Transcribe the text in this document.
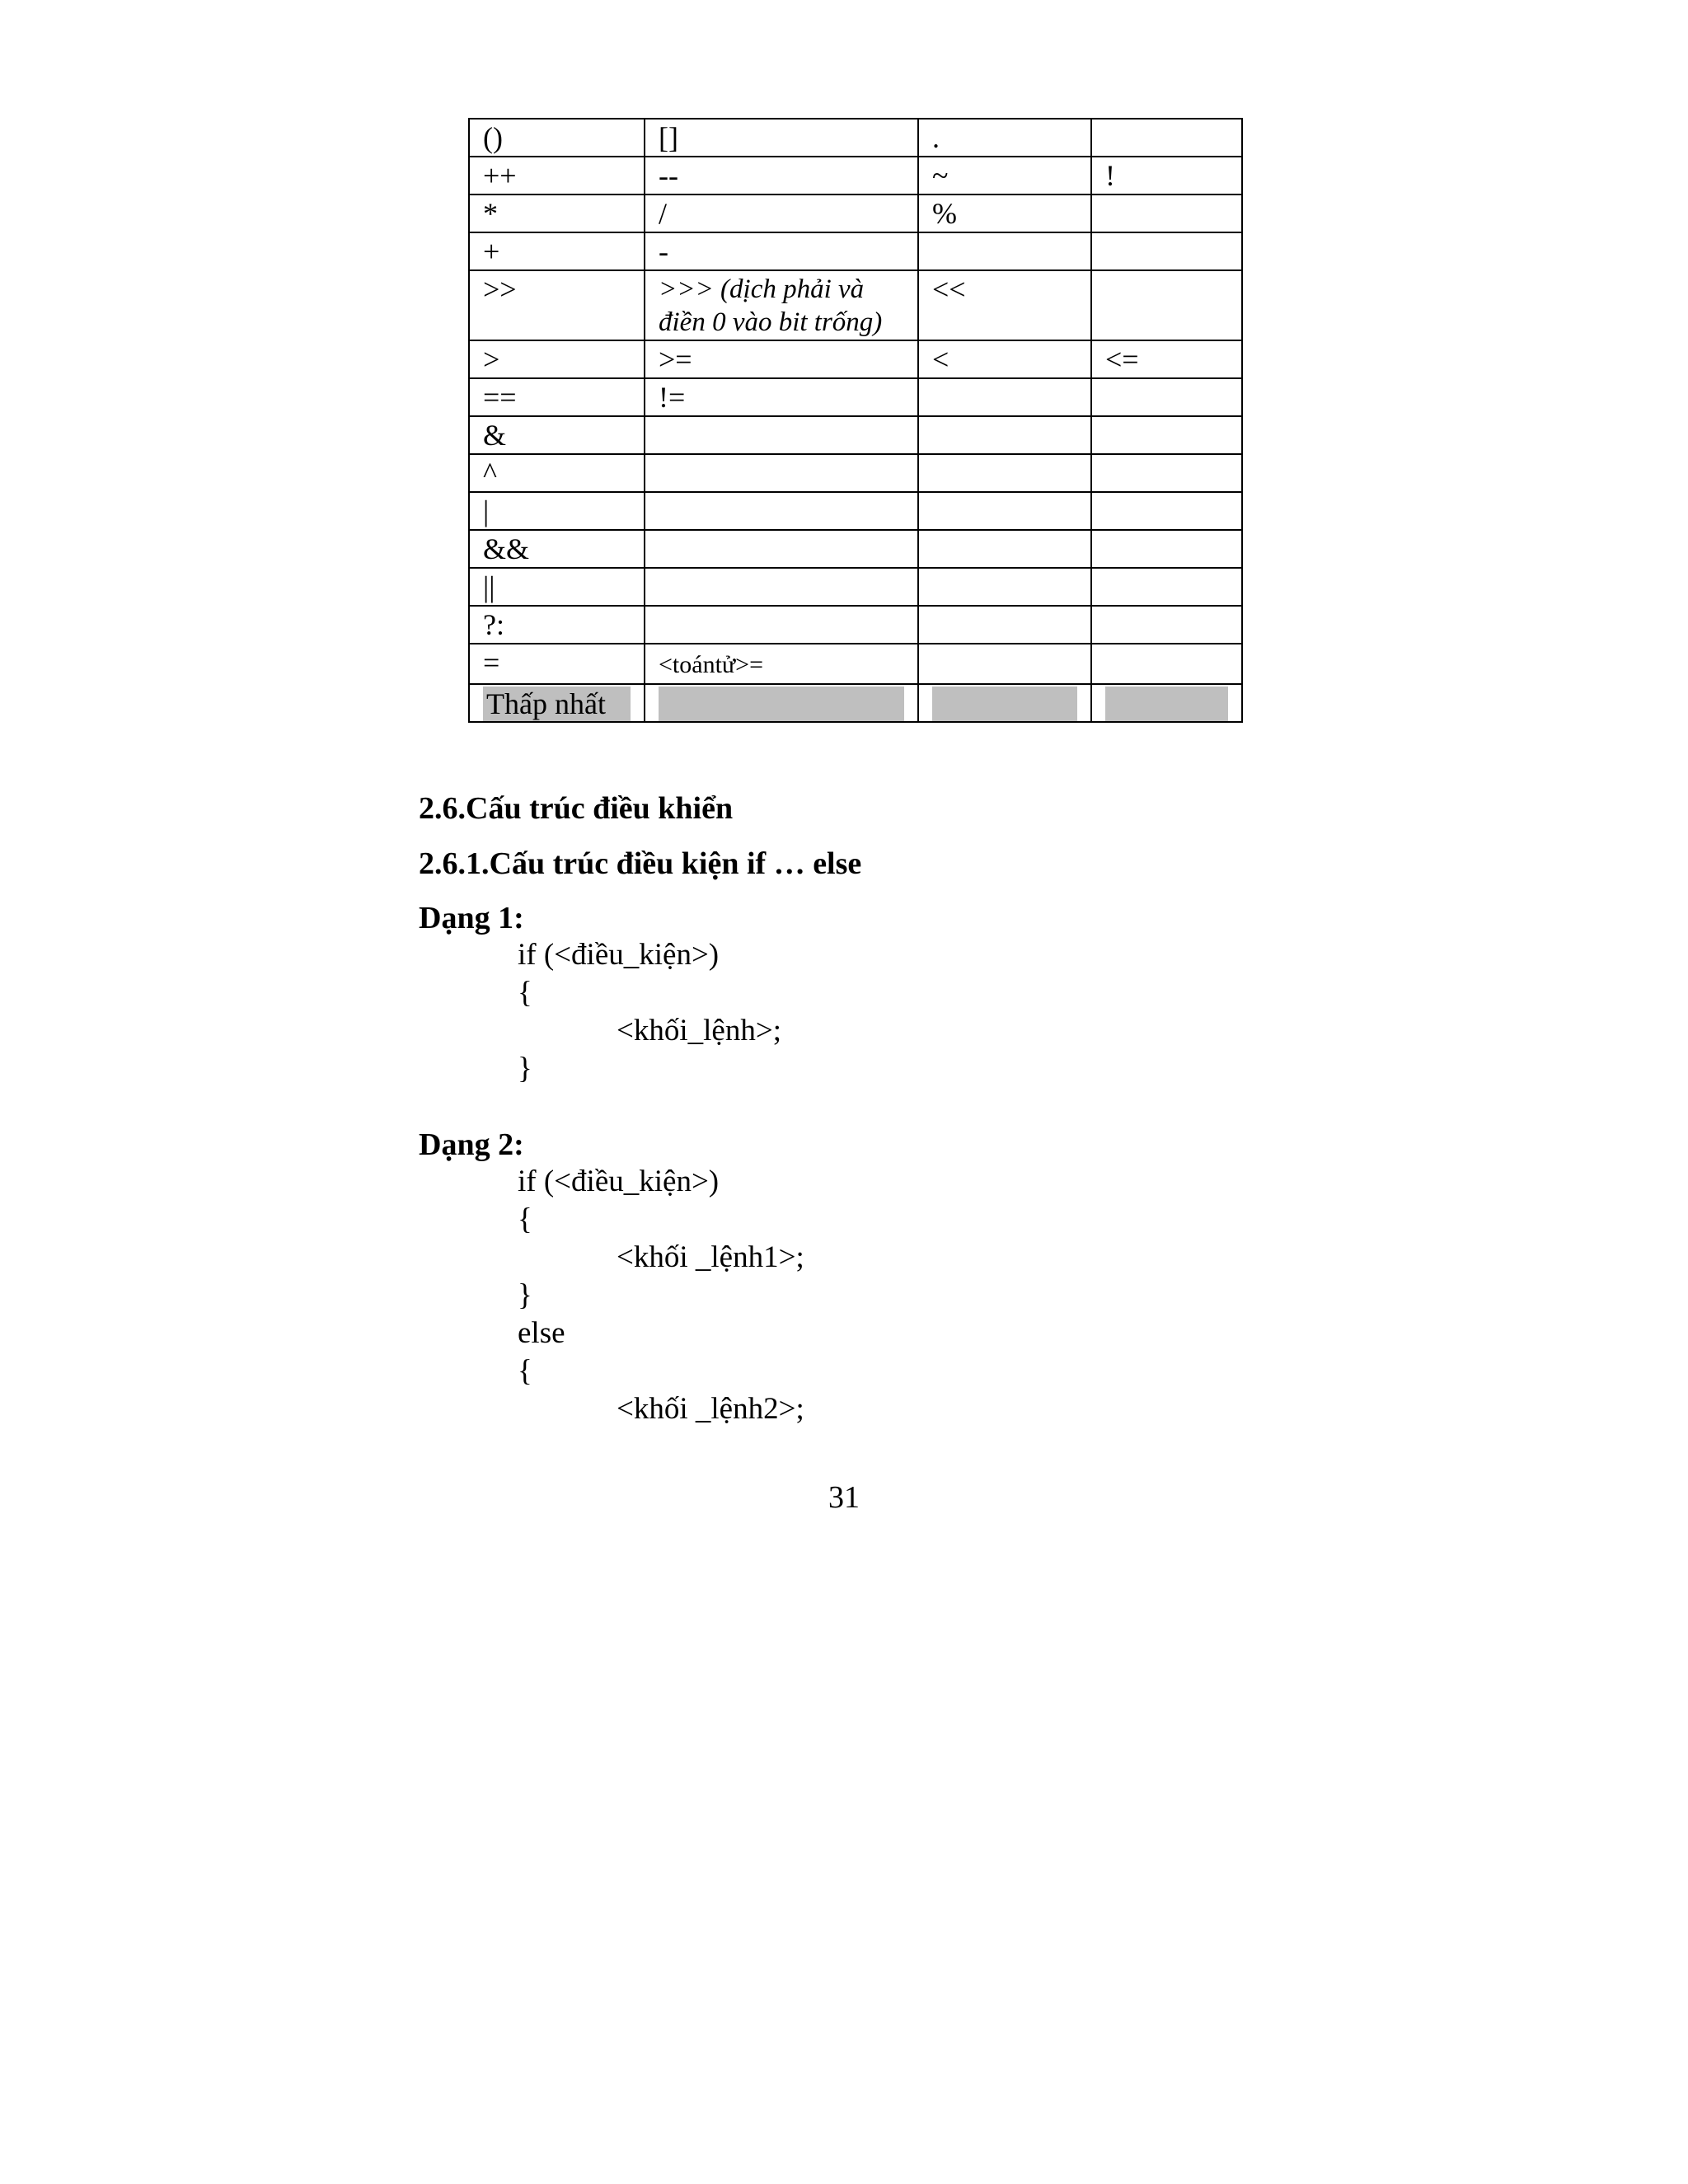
()	[]	.	
++	--	~	!
*	/	%	
+	-		
>>	>>> (dịch phải và điền 0 vào bit trống)	<<	
>	>=	<	<=
==	!=		
&			
^			
|			
&&			
||			
?:			
=	<toántử>=		

Thấp nhất			

2.6.Cấu trúc điều khiển

2.6.1.Cấu trúc điều kiện if … else

Dạng 1:

if (<điều_kiện>)

{

<khối_lệnh>;

}

Dạng 2:

if (<điều_kiện>)

{

<khối _lệnh1>;

}

else

{

<khối _lệnh2>;

31
